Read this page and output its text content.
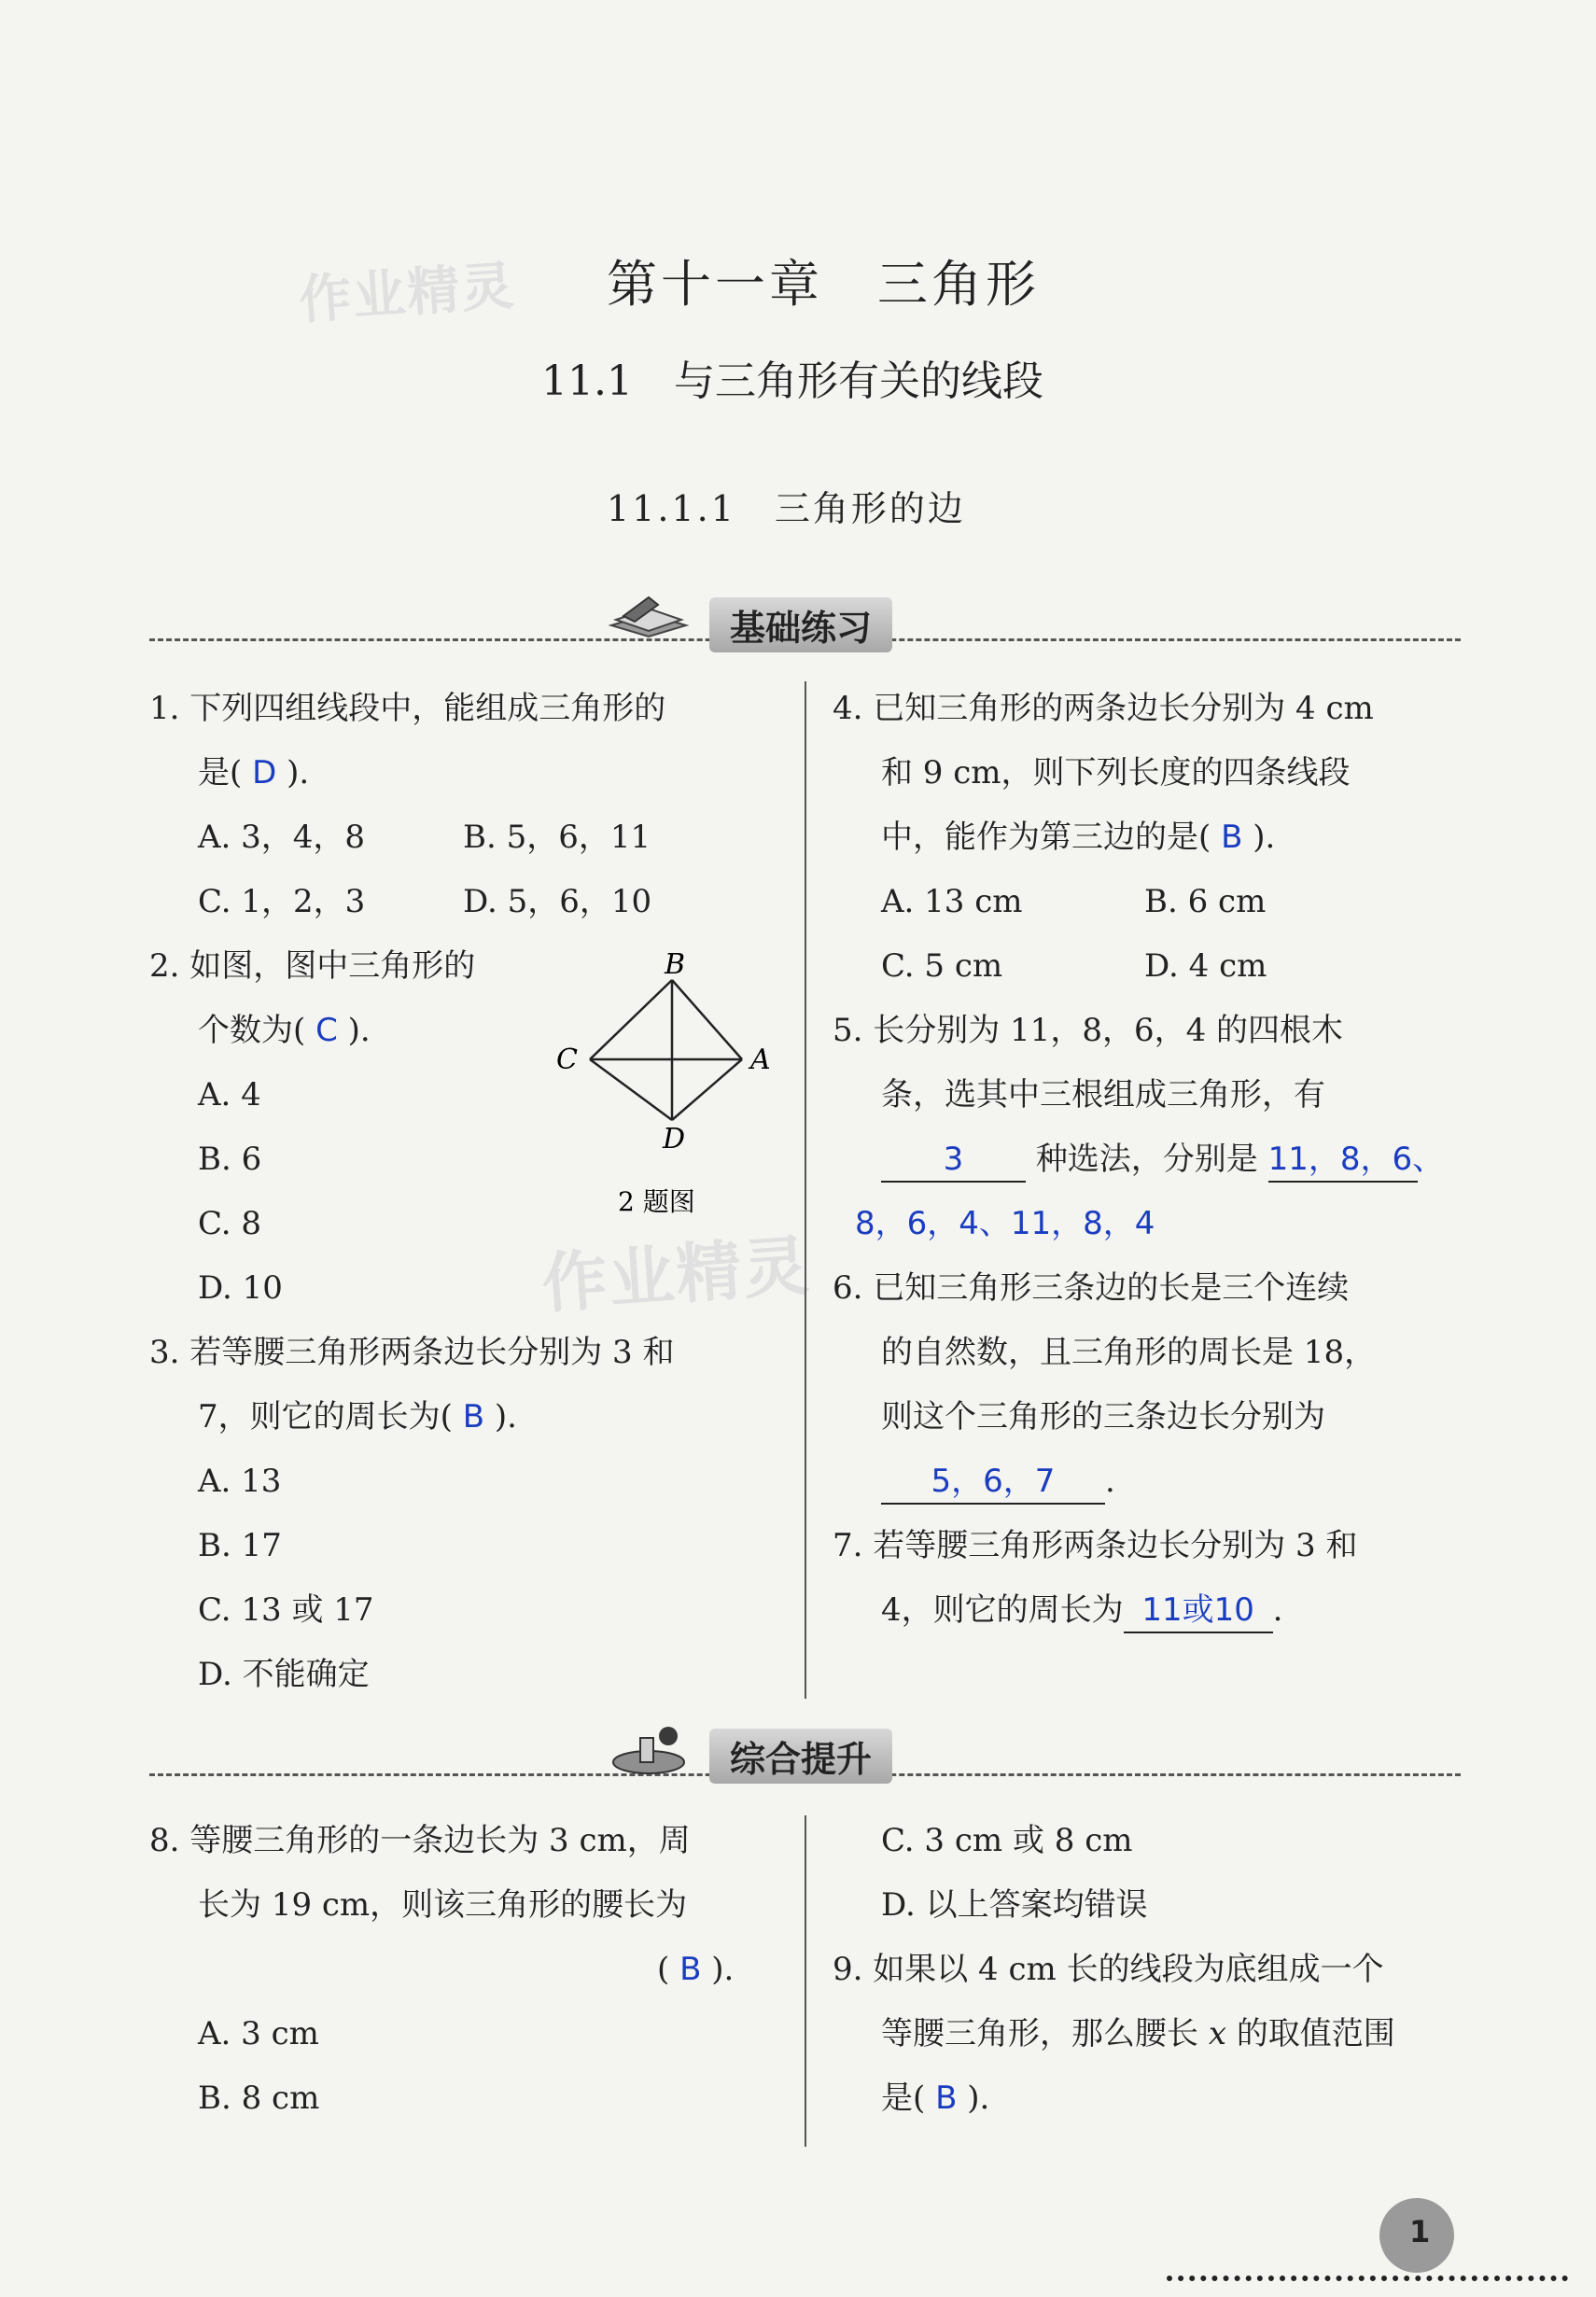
作业精灵
作业精灵
第十一章　三角形
11.1　与三角形有关的线段
11.1.1　三角形的边
基础练习
1. 下列四组线段中，能组成三角形的
是( D ).
A. 3，4，8	B. 5，6，11
C. 1，2，3	D. 5，6，10
2. 如图，图中三角形的
个数为( C ).
A. 4
B. 6
C. 8
D. 10
B
C	A
D
2 题图
3. 若等腰三角形两条边长分别为 3 和
7，则它的周长为( B ).
A. 13
B. 17
C. 13 或 17
D. 不能确定
4. 已知三角形的两条边长分别为 4 cm
和 9 cm，则下列长度的四条线段
中，能作为第三边的是( B ).
A. 13 cm	B. 6 cm
C. 5 cm	D. 4 cm
5. 长分别为 11，8，6，4 的四根木
条，选其中三根组成三角形，有
3 种选法，分别是 11，8，6、
8，6，4、11，8，4
6. 已知三角形三条边的长是三个连续
的自然数，且三角形的周长是 18，
则这个三角形的三条边长分别为
5，6，7 .
7. 若等腰三角形两条边长分别为 3 和
4，则它的周长为 11或10 .
综合提升
8. 等腰三角形的一条边长为 3 cm，周
长为 19 cm，则该三角形的腰长为
( B ).
A. 3 cm
B. 8 cm
C. 3 cm 或 8 cm
D. 以上答案均错误
9. 如果以 4 cm 长的线段为底组成一个
等腰三角形，那么腰长 x 的取值范围
是( B ).
1
